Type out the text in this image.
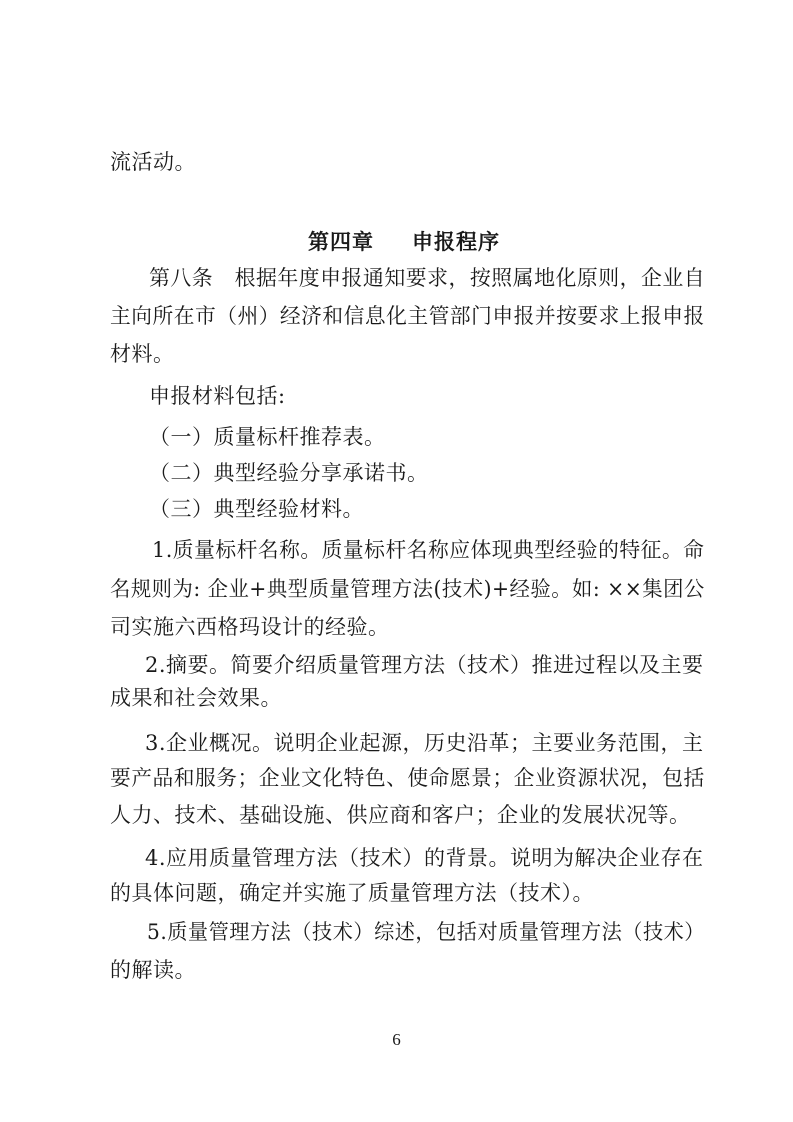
流活动。
第四章 申报程序
第八条　根据年度申报通知要求，按照属地化原则，企业自
主向所在市（州）经济和信息化主管部门申报并按要求上报申报
材料。
申报材料包括:
（一）质量标杆推荐表。
（二）典型经验分享承诺书。
（三）典型经验材料。
1.质量标杆名称。质量标杆名称应体现典型经验的特征。命
名规则为: 企业+典型质量管理方法(技术)+经验。如: ××集团公
司实施六西格玛设计的经验。
2.摘要。简要介绍质量管理方法（技术）推进过程以及主要
成果和社会效果。
3.企业概况。说明企业起源，历史沿革；主要业务范围，主
要产品和服务；企业文化特色、使命愿景；企业资源状况，包括
人力、技术、基础设施、供应商和客户；企业的发展状况等。
4.应用质量管理方法（技术）的背景。说明为解决企业存在
的具体问题，确定并实施了质量管理方法（技术）。
5.质量管理方法（技术）综述，包括对质量管理方法（技术）
的解读。
6
